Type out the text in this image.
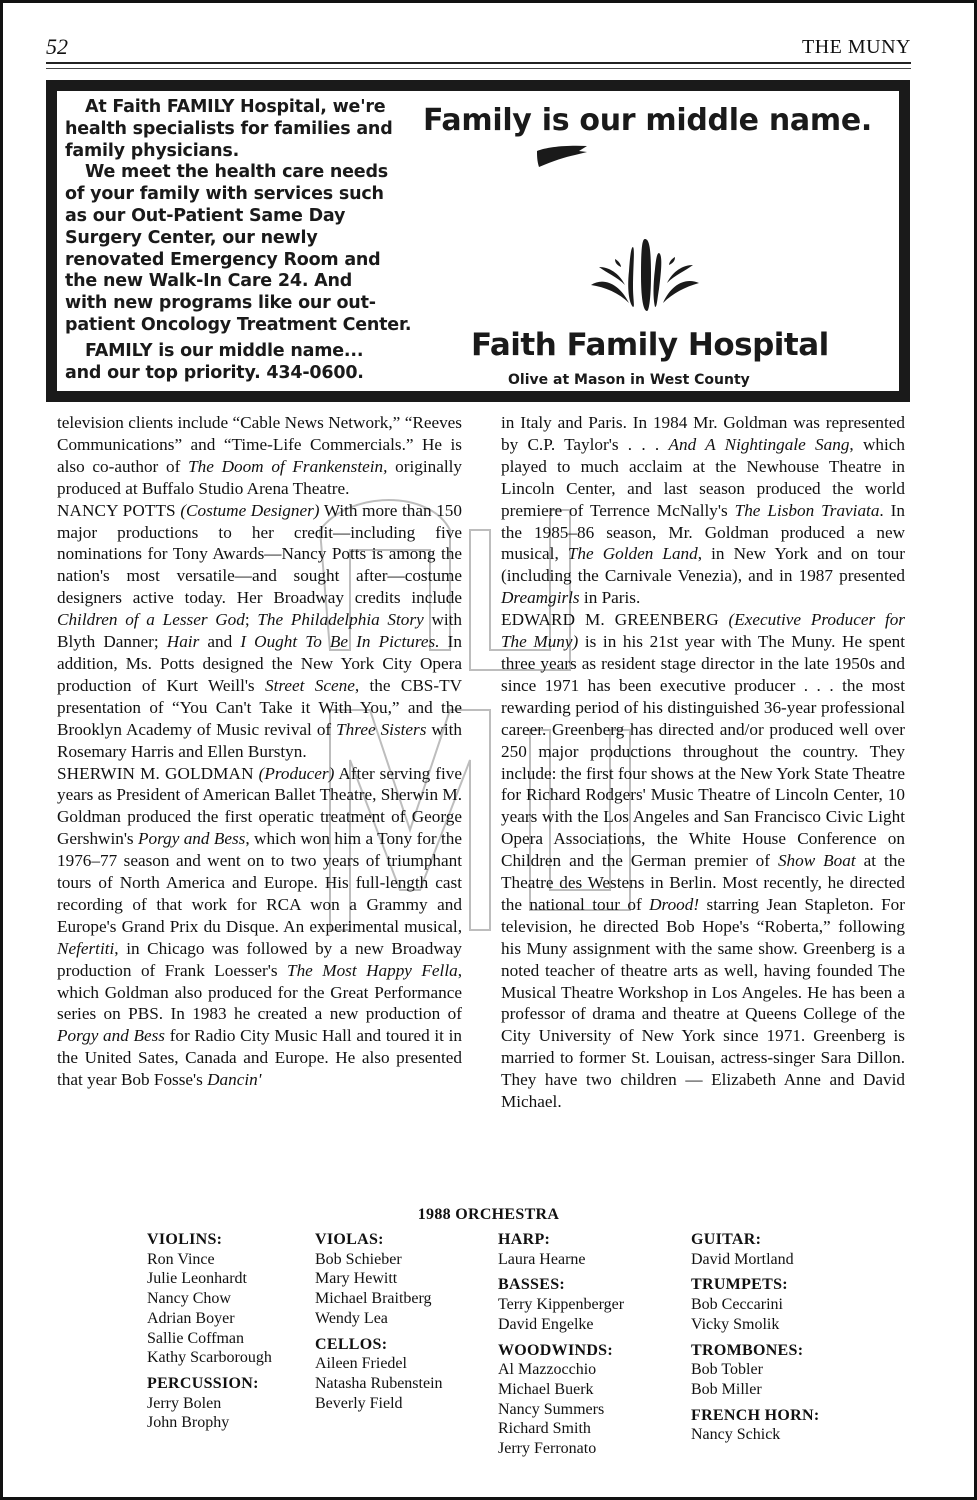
52	THE MUNY

At Faith FAMILY Hospital, we're

health specialists for families and

family physicians.

We meet the health care needs

of your family with services such

as our Out-Patient Same Day

Surgery Center, our newly

renovated Emergency Room and

the new Walk-In Care 24. And

with new programs like our out-

patient Oncology Treatment Center.

FAMILY is our middle name...

and our top priority. 434-0600.

Family is our middle name.
Faith Family Hospital
Olive at Mason in West County

television clients include “Cable News Network,” “Reeves Communications” and “Time-Life Commercials.” He is also co-author of The Doom of Frankenstein, originally produced at Buffalo Studio Arena Theatre.

NANCY POTTS (Costume Designer) With more than 150 major productions to her credit—including five nominations for Tony Awards—Nancy Potts is among the nation's most versatile—and sought after—costume designers active today. Her Broadway credits include Children of a Lesser God; The Philadelphia Story with Blyth Danner; Hair and I Ought To Be In Pictures. In addition, Ms. Potts designed the New York City Opera production of Kurt Weill's Street Scene, the CBS-TV presentation of “You Can't Take it With You,” and the Brooklyn Academy of Music revival of Three Sisters with Rosemary Harris and Ellen Burstyn.

SHERWIN M. GOLDMAN (Producer) After serving five years as President of American Ballet Theatre, Sherwin M. Goldman produced the first operatic treatment of George Gershwin's Porgy and Bess, which won him a Tony for the 1976–77 season and went on to two years of triumphant tours of North America and Europe. His full-length cast recording of that work for RCA won a Grammy and Europe's Grand Prix du Disque. An experimental musical, Nefertiti, in Chicago was followed by a new Broadway production of Frank Loesser's The Most Happy Fella, which Goldman also produced for the Great Performance series on PBS. In 1983 he created a new production of Porgy and Bess for Radio City Music Hall and toured it in the United Sates, Canada and Europe. He also presented that year Bob Fosse's Dancin'

in Italy and Paris. In 1984 Mr. Goldman was represented by C.P. Taylor's . . . And A Nightingale Sang, which played to much acclaim at the Newhouse Theatre in Lincoln Center, and last season produced the world premiere of Terrence McNally's The Lisbon Traviata. In the 1985–86 season, Mr. Goldman produced a new musical, The Golden Land, in New York and on tour (including the Carnivale Venezia), and in 1987 presented Dreamgirls in Paris.

EDWARD M. GREENBERG (Executive Producer for The Muny) is in his 21st year with The Muny. He spent three years as resident stage director in the late 1950s and since 1971 has been executive producer . . . the most rewarding period of his distinguished 36-year professional career. Greenberg has directed and/or produced well over 250 major productions throughout the country. They include: the first four shows at the New York State Theatre for Richard Rodgers' Music Theatre of Lincoln Center, 10 years with the Los Angeles and San Francisco Civic Light Opera Associations, the White House Conference on Children and the German premier of Show Boat at the Theatre des Westens in Berlin. Most recently, he directed the national tour of Drood! starring Jean Stapleton. For television, he directed Bob Hope's “Roberta,” following his Muny assignment with the same show. Greenberg is a noted teacher of theatre arts as well, having founded The Musical Theatre Workshop in Los Angeles. He has been a professor of drama and theatre at Queens College of the City University of New York since 1971. Greenberg is married to former St. Louisan, actress-singer Sara Dillon. They have two children — Elizabeth Anne and David Michael.

1988 ORCHESTRA
VIOLINS:
Ron Vince
Julie Leonhardt
Nancy Chow
Adrian Boyer
Sallie Coffman
Kathy Scarborough
PERCUSSION:
Jerry Bolen
John Brophy
VIOLAS:
Bob Schieber
Mary Hewitt
Michael Braitberg
Wendy Lea
CELLOS:
Aileen Friedel
Natasha Rubenstein
Beverly Field
HARP:
Laura Hearne
BASSES:
Terry Kippenberger
David Engelke
WOODWINDS:
Al Mazzocchio
Michael Buerk
Nancy Summers
Richard Smith
Jerry Ferronato
GUITAR:
David Mortland
TRUMPETS:
Bob Ceccarini
Vicky Smolik
TROMBONES:
Bob Tobler
Bob Miller
FRENCH HORN:
Nancy Schick
